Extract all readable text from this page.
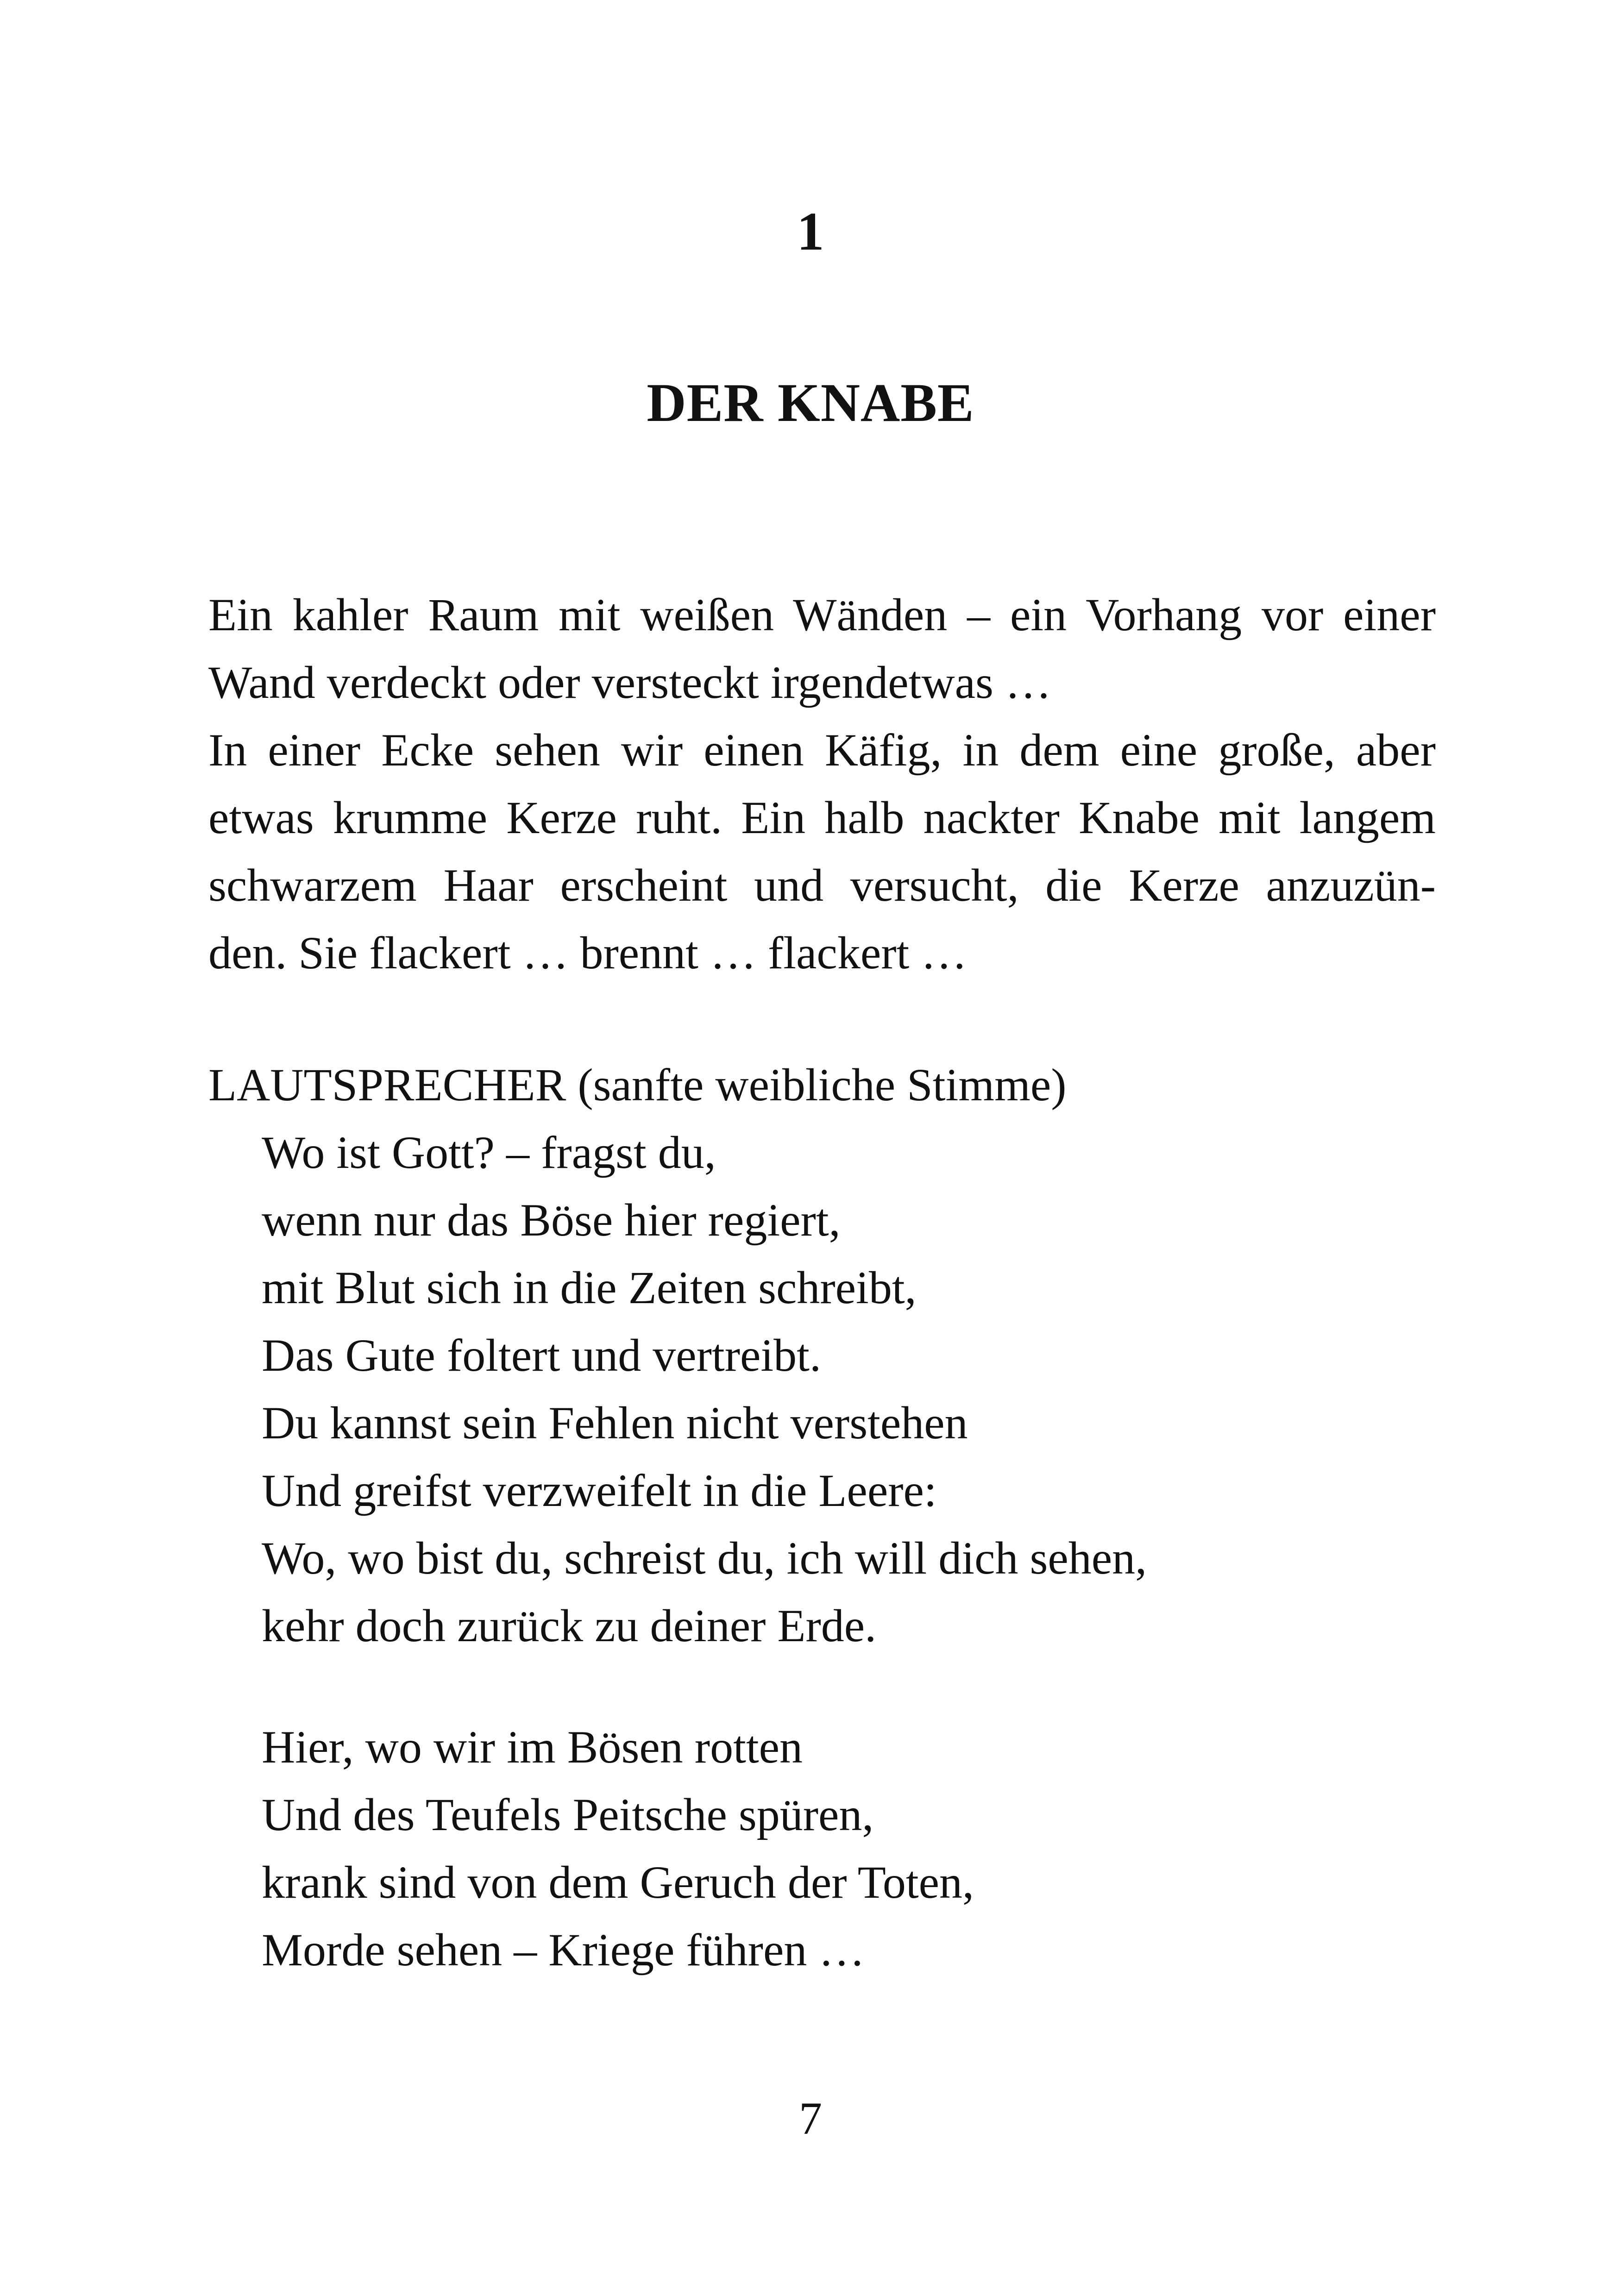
1
DER KNABE
Ein kahler Raum mit weißen Wänden – ein Vorhang vor einer
Wand verdeckt oder versteckt irgendetwas …
In einer Ecke sehen wir einen Käfig, in dem eine große, aber
etwas krumme Kerze ruht. Ein halb nackter Knabe mit langem
schwarzem Haar erscheint und versucht, die Kerze anzuzün-
den. Sie flackert … brennt … flackert …
LAUTSPRECHER (sanfte weibliche Stimme)
Wo ist Gott? – fragst du,
wenn nur das Böse hier regiert,
mit Blut sich in die Zeiten schreibt,
Das Gute foltert und vertreibt.
Du kannst sein Fehlen nicht verstehen
Und greifst verzweifelt in die Leere:
Wo, wo bist du, schreist du, ich will dich sehen,
kehr doch zurück zu deiner Erde.
Hier, wo wir im Bösen rotten
Und des Teufels Peitsche spüren,
krank sind von dem Geruch der Toten,
Morde sehen – Kriege führen …
7
